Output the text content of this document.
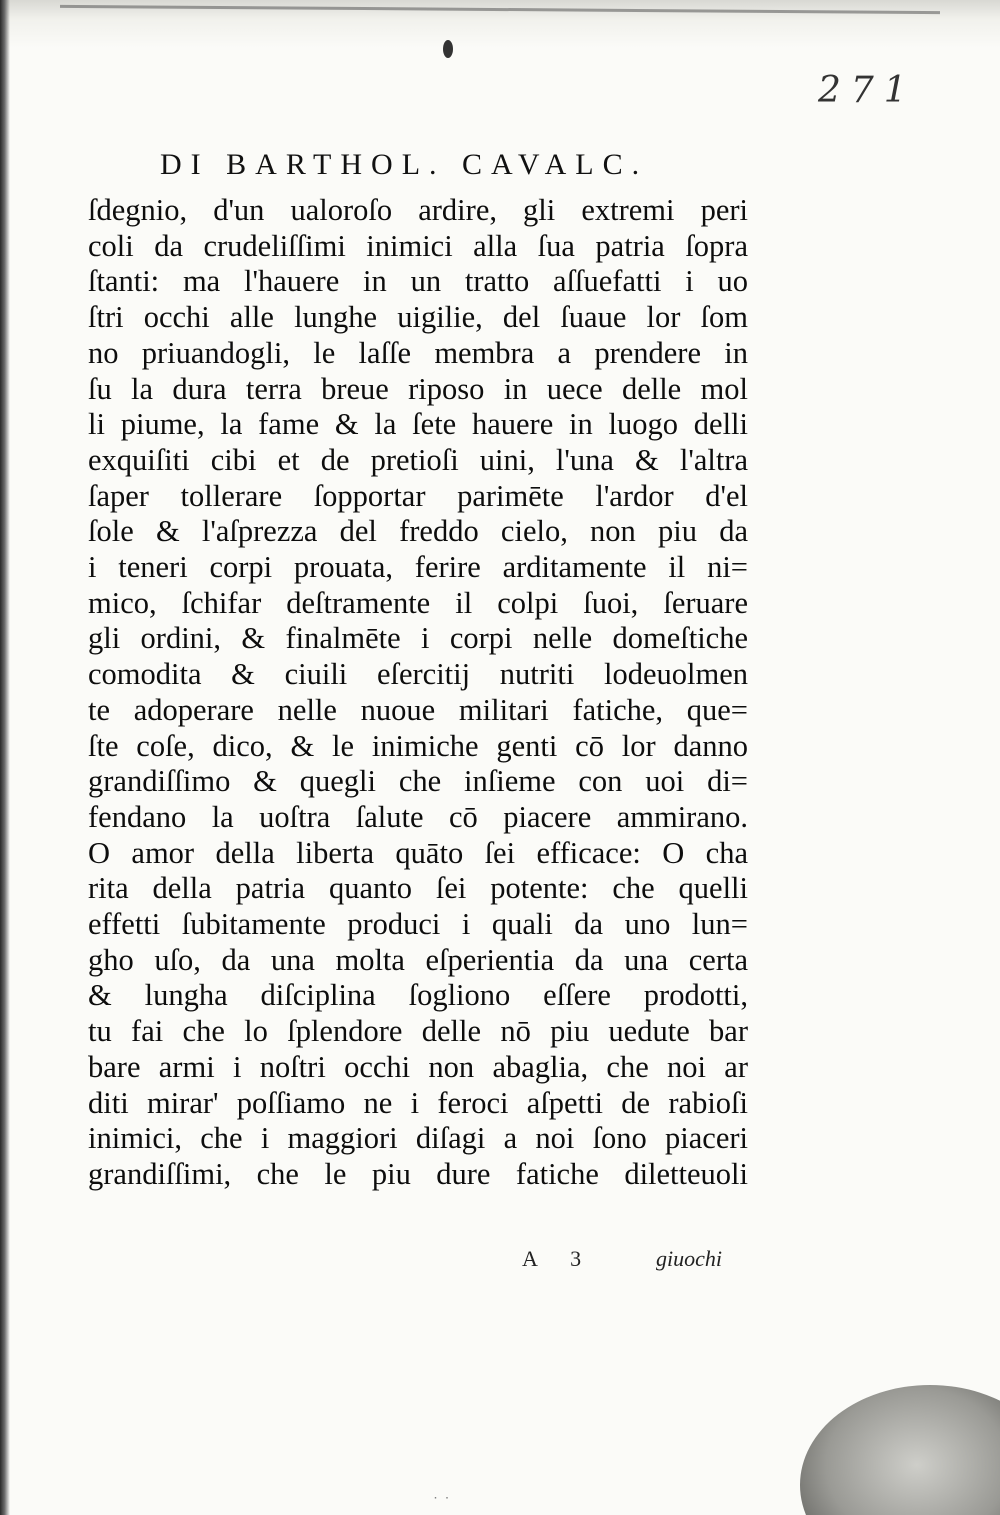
271
DI BARTHOL. CAVALC.
ſdegnio, d'un ualoroſo ardire, gli extremi peri
coli da crudeliſſimi inimici alla ſua patria ſopra
ſtanti: ma l'hauere in un tratto aſſuefatti i uo
ſtri occhi alle lunghe uigilie, del ſuaue lor ſom
no priuandogli, le laſſe membra a prendere in
ſu la dura terra breue riposo in uece delle mol
li piume, la fame & la ſete hauere in luogo delli
exquiſiti cibi et de pretioſi uini, l'una & l'altra
ſaper tollerare ſopportar parimēte l'ardor d'el
ſole & l'aſprezza del freddo cielo, non piu da
i teneri corpi prouata, ferire arditamente il ni=
mico, ſchifar deſtramente il colpi ſuoi, ſeruare
gli ordini, & finalmēte i corpi nelle domeſtiche
comodita & ciuili eſercitij nutriti lodeuolmen
te adoperare nelle nuoue militari fatiche, que=
ſte coſe, dico, & le inimiche genti cō lor danno
grandiſſimo & quegli che inſieme con uoi di=
fendano la uoſtra ſalute cō piacere ammirano.
O amor della liberta quāto ſei efficace: O cha
rita della patria quanto ſei potente: che quelli
effetti ſubitamente produci i quali da uno lun=
gho uſo, da una molta eſperientia da una certa
& lungha diſciplina ſogliono eſſere prodotti,
tu fai che lo ſplendore delle nō piu uedute bar
bare armi i noſtri occhi non abaglia, che noi ar
diti mirar' poſſiamo ne i feroci aſpetti de rabioſi
inimici, che i maggiori diſagi a noi ſono piaceri
grandiſſimi, che le piu dure fatiche diletteuoli
A 3	giuochi
˙ ˙
